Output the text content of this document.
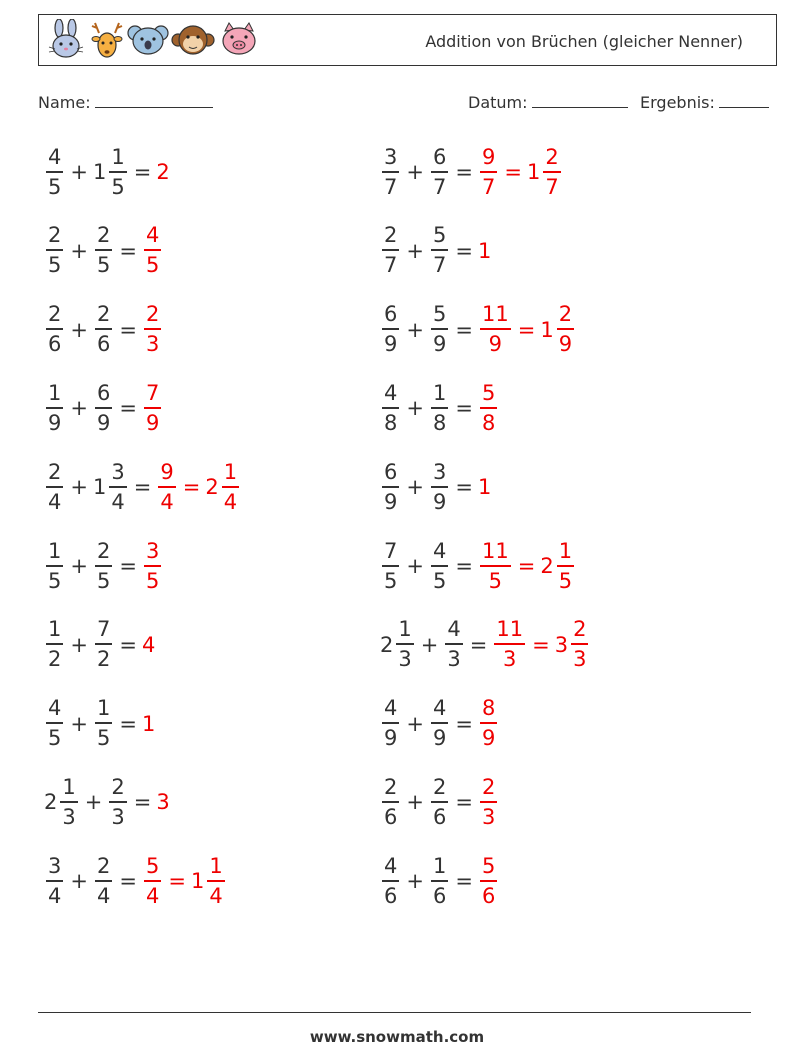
Addition von Brüchen (gleicher Nenner)
Name:	Datum:	Ergebnis:
$\frac{4}{5} + 1 \frac{1}{5} = 2$
$\frac{2}{5} + \frac{2}{5} = \frac{4}{5}$
$\frac{2}{6} + \frac{2}{6} = \frac{2}{3}$
$\frac{1}{9} + \frac{6}{9} = \frac{7}{9}$
$\frac{2}{4} + 1 \frac{3}{4} = \frac{9}{4} = 2 \frac{1}{4}$
$\frac{1}{5} + \frac{2}{5} = \frac{3}{5}$
$\frac{1}{2} + \frac{7}{2} = 4$
$\frac{4}{5} + \frac{1}{5} = 1$
$2 \frac{1}{3} + \frac{2}{3} = 3$
$\frac{3}{4} + \frac{2}{4} = \frac{5}{4} = 1 \frac{1}{4}$
$\frac{3}{7} + \frac{6}{7} = \frac{9}{7} = 1 \frac{2}{7}$
$\frac{2}{7} + \frac{5}{7} = 1$
$\frac{6}{9} + \frac{5}{9} = \frac{11}{9} = 1 \frac{2}{9}$
$\frac{4}{8} + \frac{1}{8} = \frac{5}{8}$
$\frac{6}{9} + \frac{3}{9} = 1$
$\frac{7}{5} + \frac{4}{5} = \frac{11}{5} = 2 \frac{1}{5}$
$2 \frac{1}{3} + \frac{4}{3} = \frac{11}{3} = 3 \frac{2}{3}$
$\frac{4}{9} + \frac{4}{9} = \frac{8}{9}$
$\frac{2}{6} + \frac{2}{6} = \frac{2}{3}$
$\frac{4}{6} + \frac{1}{6} = \frac{5}{6}$
www.snowmath.com
